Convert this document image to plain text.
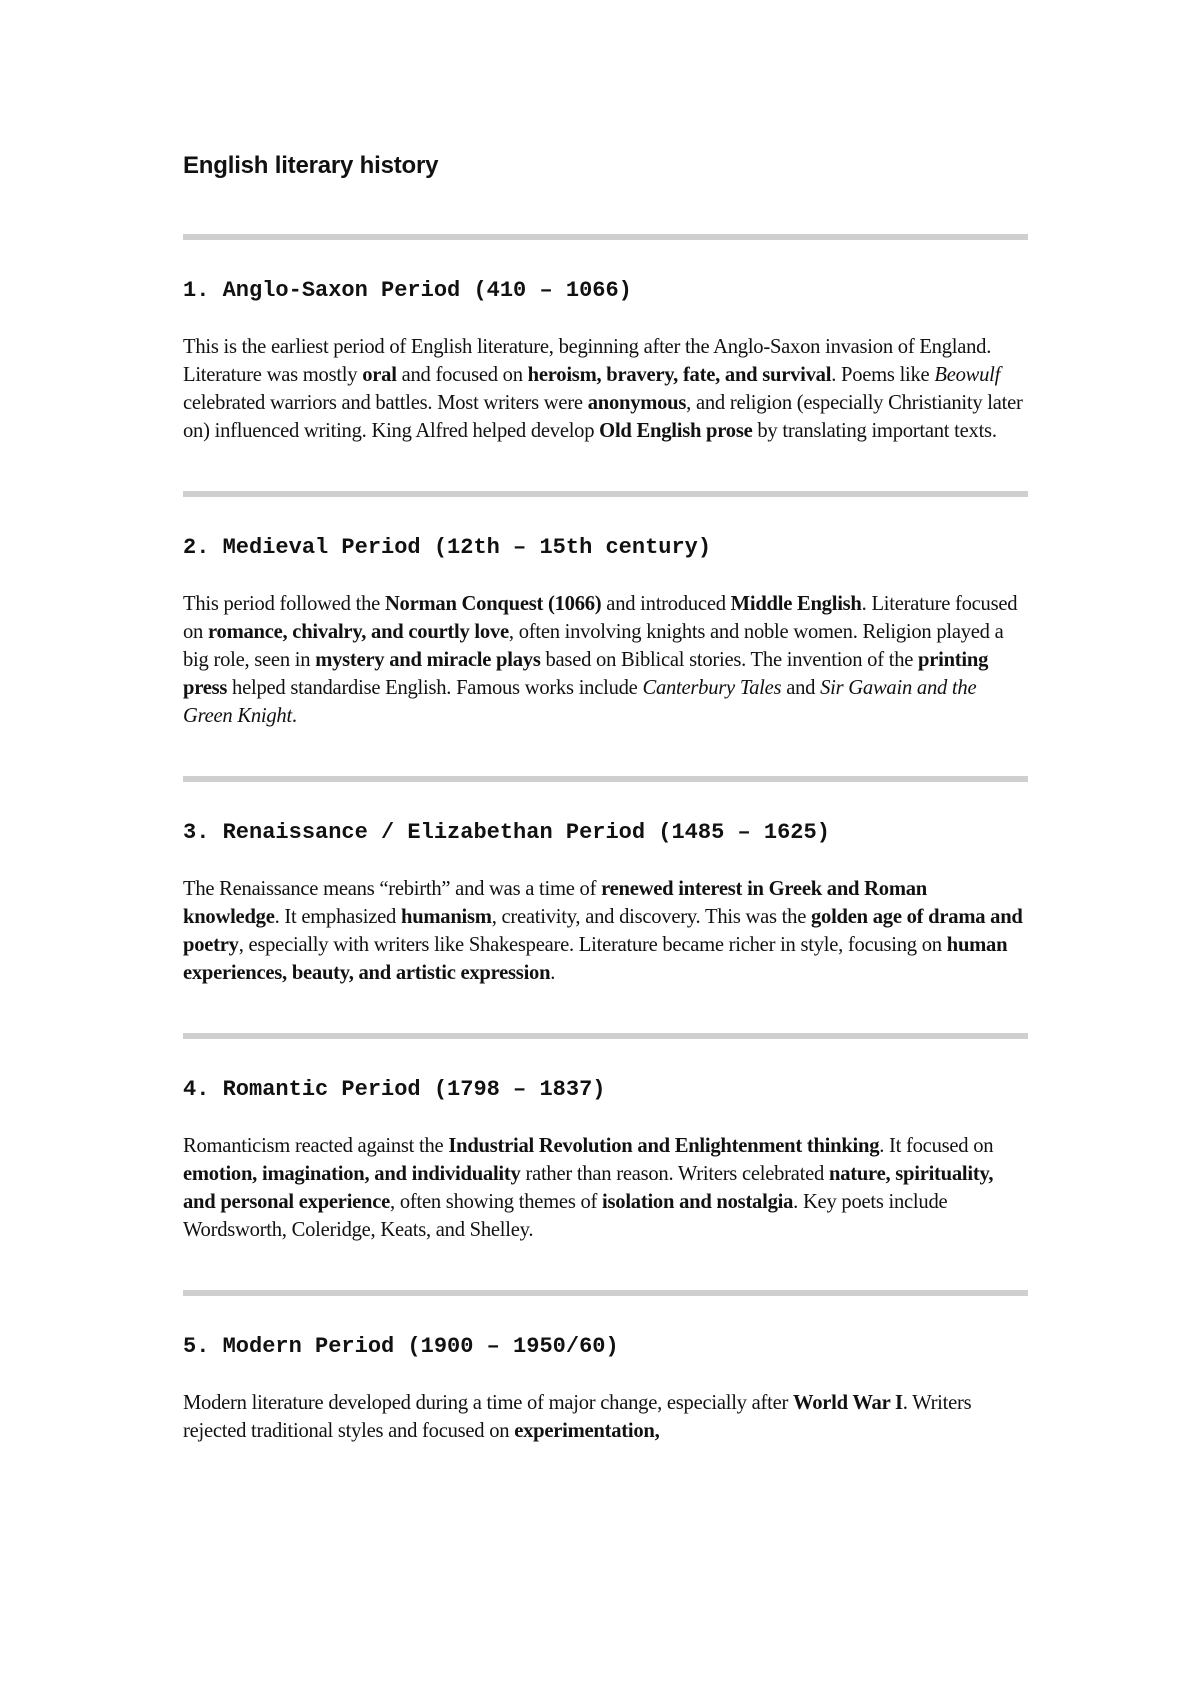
English literary history
1. Anglo-Saxon Period (410 – 1066)

This is the earliest period of English literature, beginning after the Anglo-Saxon invasion of England. Literature was mostly oral and focused on heroism, bravery, fate, and survival. Poems like Beowulf celebrated warriors and battles. Most writers were anonymous, and religion (especially Christianity later on) influenced writing. King Alfred helped develop Old English prose by translating important texts.

2. Medieval Period (12th – 15th century)

This period followed the Norman Conquest (1066) and introduced Middle English. Literature focused on romance, chivalry, and courtly love, often involving knights and noble women. Religion played a big role, seen in mystery and miracle plays based on Biblical stories. The invention of the printing press helped standardise English. Famous works include Canterbury Tales and Sir Gawain and the Green Knight.

3. Renaissance / Elizabethan Period (1485 – 1625)

The Renaissance means “rebirth” and was a time of renewed interest in Greek and Roman knowledge. It emphasized humanism, creativity, and discovery. This was the golden age of drama and poetry, especially with writers like Shakespeare. Literature became richer in style, focusing on human experiences, beauty, and artistic expression.

4. Romantic Period (1798 – 1837)

Romanticism reacted against the Industrial Revolution and Enlightenment thinking. It focused on emotion, imagination, and individuality rather than reason. Writers celebrated nature, spirituality, and personal experience, often showing themes of isolation and nostalgia. Key poets include Wordsworth, Coleridge, Keats, and Shelley.

5. Modern Period (1900 – 1950/60)

Modern literature developed during a time of major change, especially after World War I. Writers rejected traditional styles and focused on experimentation,
